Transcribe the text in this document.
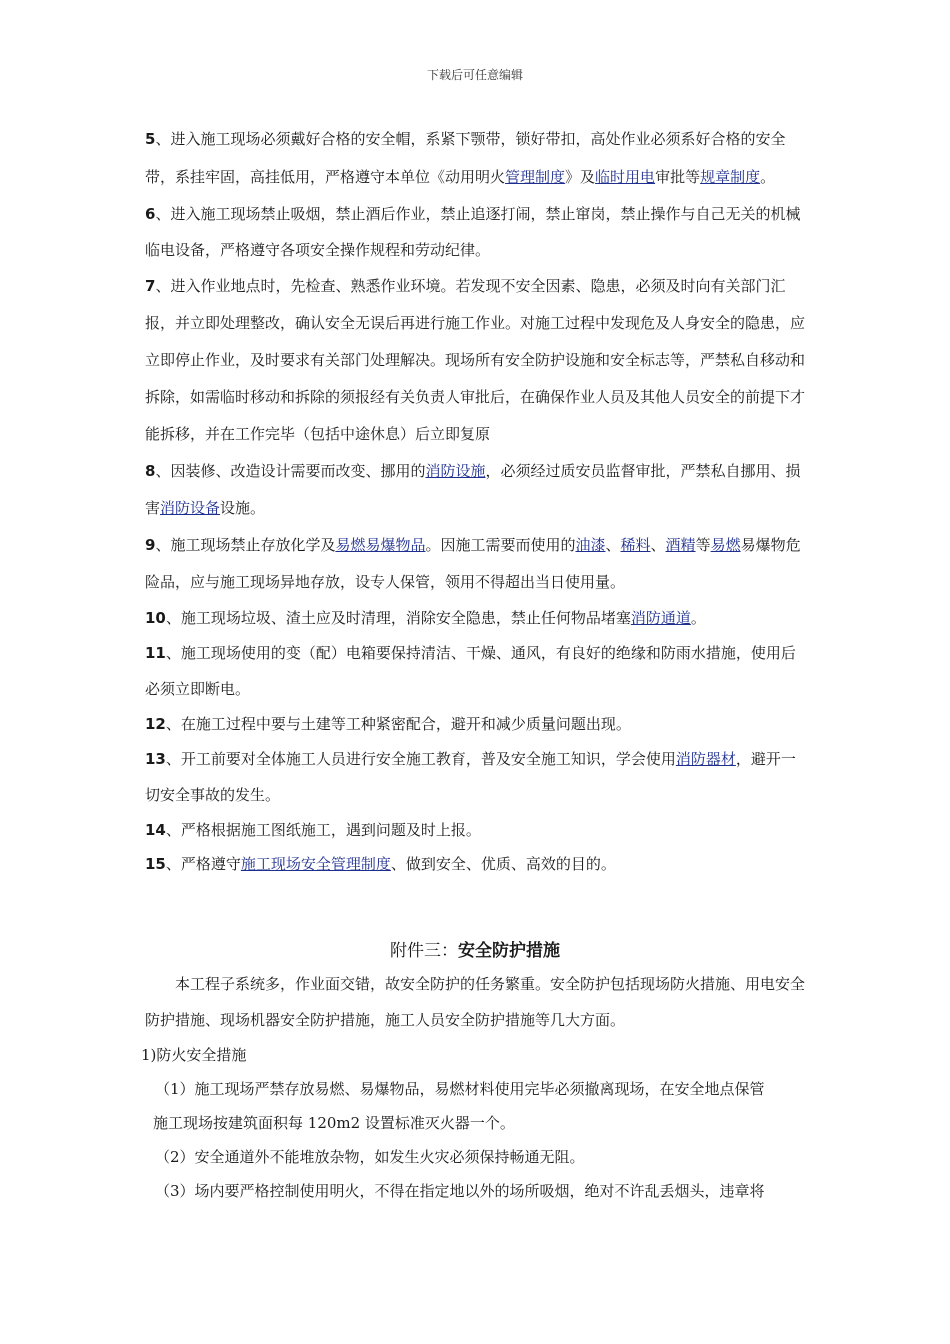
下载后可任意编辑

5、进入施工现场必须戴好合格的安全帽，系紧下颚带，锁好带扣，高处作业必须系好合格的安全带，系挂牢固，高挂低用，严格遵守本单位《动用明火管理制度》及临时用电审批等规章制度。

6、进入施工现场禁止吸烟，禁止酒后作业，禁止追逐打闹，禁止窜岗，禁止操作与自己无关的机械临电设备，严格遵守各项安全操作规程和劳动纪律。

7、进入作业地点时，先检查、熟悉作业环境。若发现不安全因素、隐患，必须及时向有关部门汇报，并立即处理整改，确认安全无误后再进行施工作业。对施工过程中发现危及人身安全的隐患，应立即停止作业，及时要求有关部门处理解决。现场所有安全防护设施和安全标志等，严禁私自移动和拆除，如需临时移动和拆除的须报经有关负责人审批后，在确保作业人员及其他人员安全的前提下才能拆移，并在工作完毕（包括中途休息）后立即复原

8、因装修、改造设计需要而改变、挪用的消防设施，必须经过质安员监督审批，严禁私自挪用、损害消防设备设施。

9、施工现场禁止存放化学及易燃易爆物品。因施工需要而使用的油漆、稀料、酒精等易燃易爆物危险品，应与施工现场异地存放，设专人保管，领用不得超出当日使用量。

10、施工现场垃圾、渣土应及时清理，消除安全隐患，禁止任何物品堵塞消防通道。

11、施工现场使用的变（配）电箱要保持清洁、干燥、通风，有良好的绝缘和防雨水措施，使用后必须立即断电。

12、在施工过程中要与土建等工种紧密配合，避开和减少质量问题出现。

13、开工前要对全体施工人员进行安全施工教育，普及安全施工知识，学会使用消防器材，避开一切安全事故的发生。

14、严格根据施工图纸施工，遇到问题及时上报。

15、严格遵守施工现场安全管理制度、做到安全、优质、高效的目的。

附件三：安全防护措施

本工程子系统多，作业面交错，故安全防护的任务繁重。安全防护包括现场防火措施、用电安全防护措施、现场机器安全防护措施，施工人员安全防护措施等几大方面。

1)防火安全措施

（1）施工现场严禁存放易燃、易爆物品，易燃材料使用完毕必须撤离现场，在安全地点保管

施工现场按建筑面积每 120m2 设置标准灭火器一个。

（2）安全通道外不能堆放杂物，如发生火灾必须保持畅通无阻。

（3）场内要严格控制使用明火，不得在指定地以外的场所吸烟，绝对不许乱丢烟头，违章将
